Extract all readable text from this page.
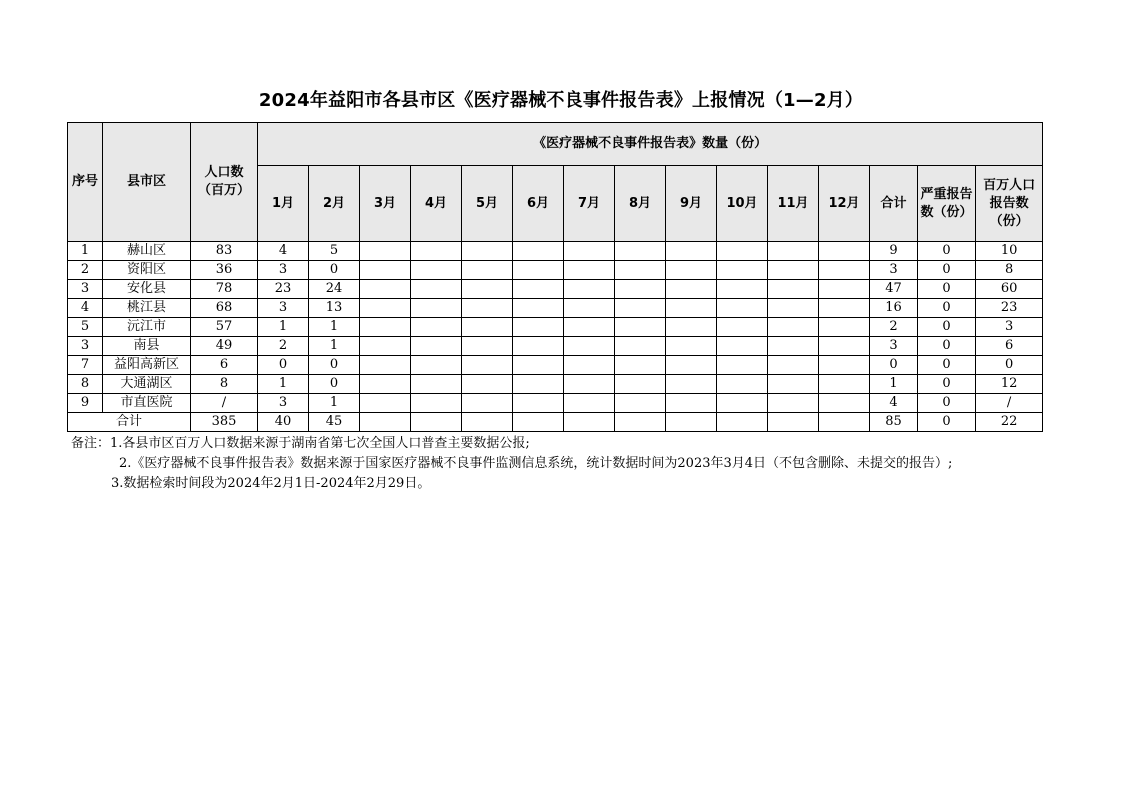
2024年益阳市各县市区《医疗器械不良事件报告表》上报情况（1—2月）
序号	县市区	人口数（百万）	《医疗器械不良事件报告表》数量（份）														
			1月	2月	3月	4月	5月	6月	7月	8月	9月	10月	11月	12月	合计	严重报告数（份）	百万人口报告数（份）
1	赫山区	83	4	5											9	0	10
2	资阳区	36	3	0											3	0	8
3	安化县	78	23	24											47	0	60
4	桃江县	68	3	13											16	0	23
5	沅江市	57	1	1											2	0	3
3	南县	49	2	1											3	0	6
7	益阳高新区	6	0	0											0	0	0
8	大通湖区	8	1	0											1	0	12
9	市直医院	/	3	1											4	0	/
合计		385	40	45											85	0	22
备注：1.各县市区百万人口数据来源于湖南省第七次全国人口普查主要数据公报;
2.《医疗器械不良事件报告表》数据来源于国家医疗器械不良事件监测信息系统，统计数据时间为2023年3月4日（不包含删除、未提交的报告）;
3.数据检索时间段为2024年2月1日-2024年2月29日。
